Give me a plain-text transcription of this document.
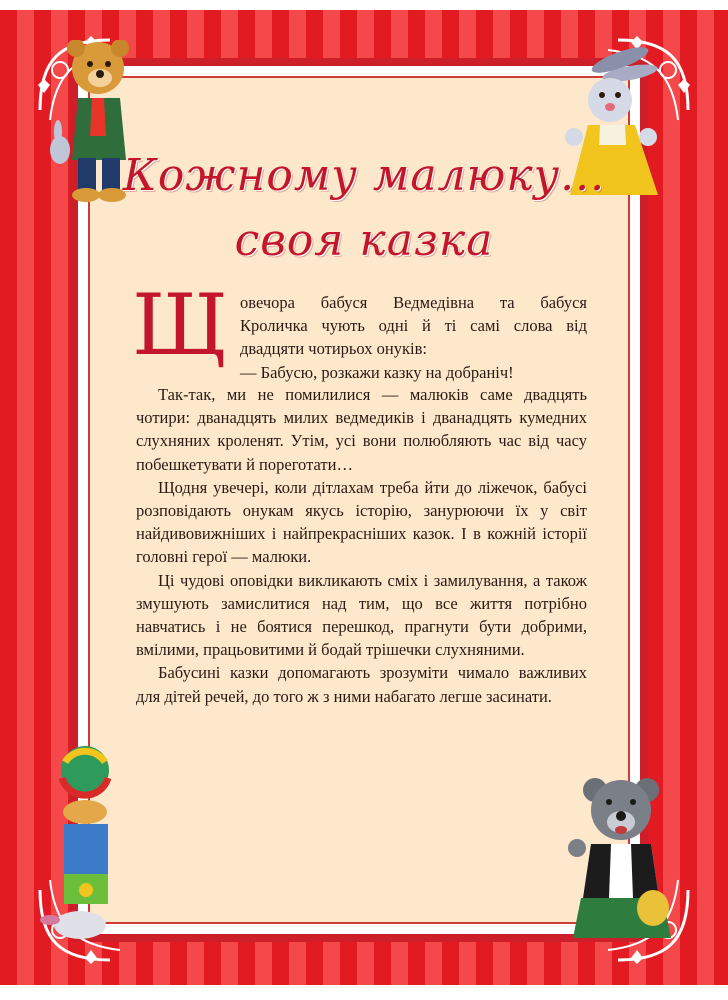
Кожному малюку...
своя казка
Щ	овечора бабуся Ведмедівна та бабуся
Кроличка чують одні й ті самі слова від
двадцяти чотирьох онуків:
— Бабусю, розкажи казку на добраніч!

Так-так, ми не помилилися — малюків саме двадцять чотири: дванадцять милих ведмедиків і дванадцять кумедних слухняних кроленят. Утім, усі вони полюбляють час від часу побешкетувати й пореготати…

Щодня увечері, коли дітлахам треба йти до ліжечок, бабусі розповідають онукам якусь історію, занурюючи їх у світ найдивовижніших і найпрекрасніших казок. І в кожній історії головні герої — малюки.

Ці чудові оповідки викликають сміх і замилування, а також змушують замислитися над тим, що все життя потрібно навчатись і не боятися перешкод, прагнути бути добрими, вмілими, працьовитими й бодай трішечки слухняними.

Бабусині казки допомагають зрозуміти чимало важливих для дітей речей, до того ж з ними набагато легше засинати.
